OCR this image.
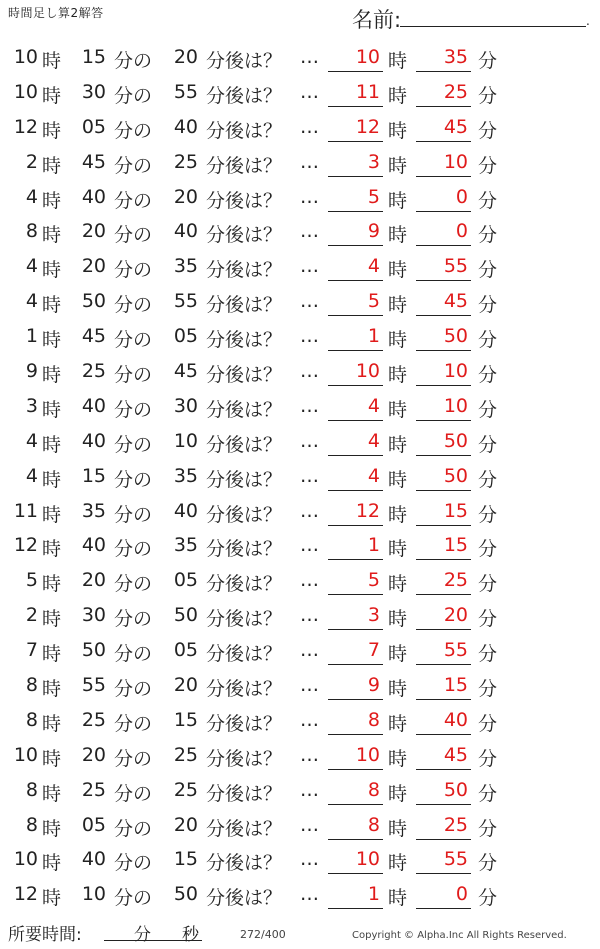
時間足し算2解答	名前:	.
10 時	15 分の	20 分後は？ …	10 時	35 分
10 時	30 分の	55 分後は？ …	11 時	25 分
12 時	05 分の	40 分後は？ …	12 時	45 分
2 時	45 分の	25 分後は？ …	3 時	10 分
4 時	40 分の	20 分後は？ …	5 時	0 分
8 時	20 分の	40 分後は？ …	9 時	0 分
4 時	20 分の	35 分後は？ …	4 時	55 分
4 時	50 分の	55 分後は？ …	5 時	45 分
1 時	45 分の	05 分後は？ …	1 時	50 分
9 時	25 分の	45 分後は？ …	10 時	10 分
3 時	40 分の	30 分後は？ …	4 時	10 分
4 時	40 分の	10 分後は？ …	4 時	50 分
4 時	15 分の	35 分後は？ …	4 時	50 分
11 時	35 分の	40 分後は？ …	12 時	15 分
12 時	40 分の	35 分後は？ …	1 時	15 分
5 時	20 分の	05 分後は？ …	5 時	25 分
2 時	30 分の	50 分後は？ …	3 時	20 分
7 時	50 分の	05 分後は？ …	7 時	55 分
8 時	55 分の	20 分後は？ …	9 時	15 分
8 時	25 分の	15 分後は？ …	8 時	40 分
10 時	20 分の	25 分後は？ …	10 時	45 分
8 時	25 分の	25 分後は？ …	8 時	50 分
8 時	05 分の	20 分後は？ …	8 時	25 分
10 時	40 分の	15 分後は？ …	10 時	55 分
12 時	10 分の	50 分後は？ …	1 時	0 分
所要時間:	分 秒	272/400	Copyright © Alpha.Inc All Rights Reserved.
